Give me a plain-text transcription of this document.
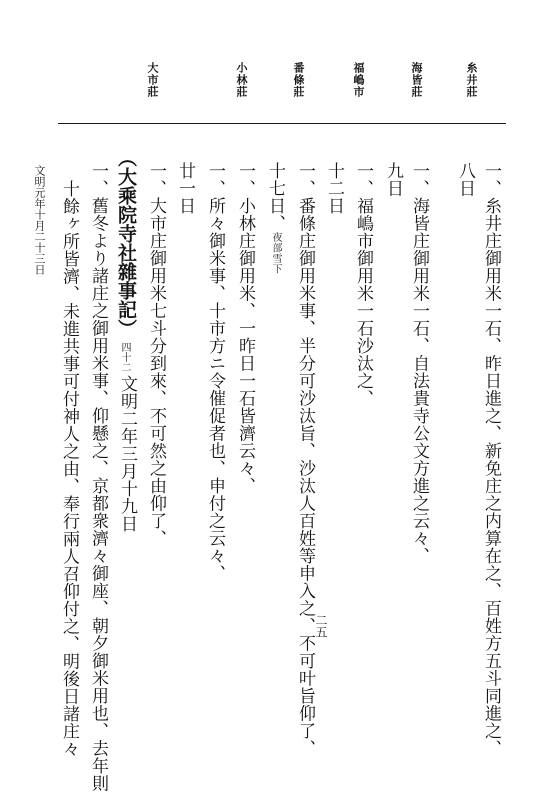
糸井莊
海皆莊
福嶋市
番條莊
小林莊
大市莊
一、糸井庄御用米一石、昨日進之、新免庄之内算在之、百姓方五斗同進之、
八日
一、海皆庄御用米一石、自法貴寺公文方進之云々、
九日
一、福嶋市御用米一石沙汰之、
十二日
一、番條庄御用米事、半分可沙汰旨、沙汰人百姓等申入之、不可叶旨仰了、
十七日、夜部雪下
一、小林庄御用米、一昨日一石皆濟云々、
一、所々御米事、十市方ニ令催促者也、申付之云々、
廿一日
一、大市庄御用米七斗分到來、不可然之由仰了、
（大乘院寺社雜事記）
四十二
文明二年三月十九日
一、舊冬より諸庄之御用米事、仰懸之、京都衆濟々御座、朝夕御米用也、去年則
十餘ヶ所皆濟、未進共事可付神人之由、奉行兩人召仰付之、明後日諸庄々
文明元年十月二十三日
二五
